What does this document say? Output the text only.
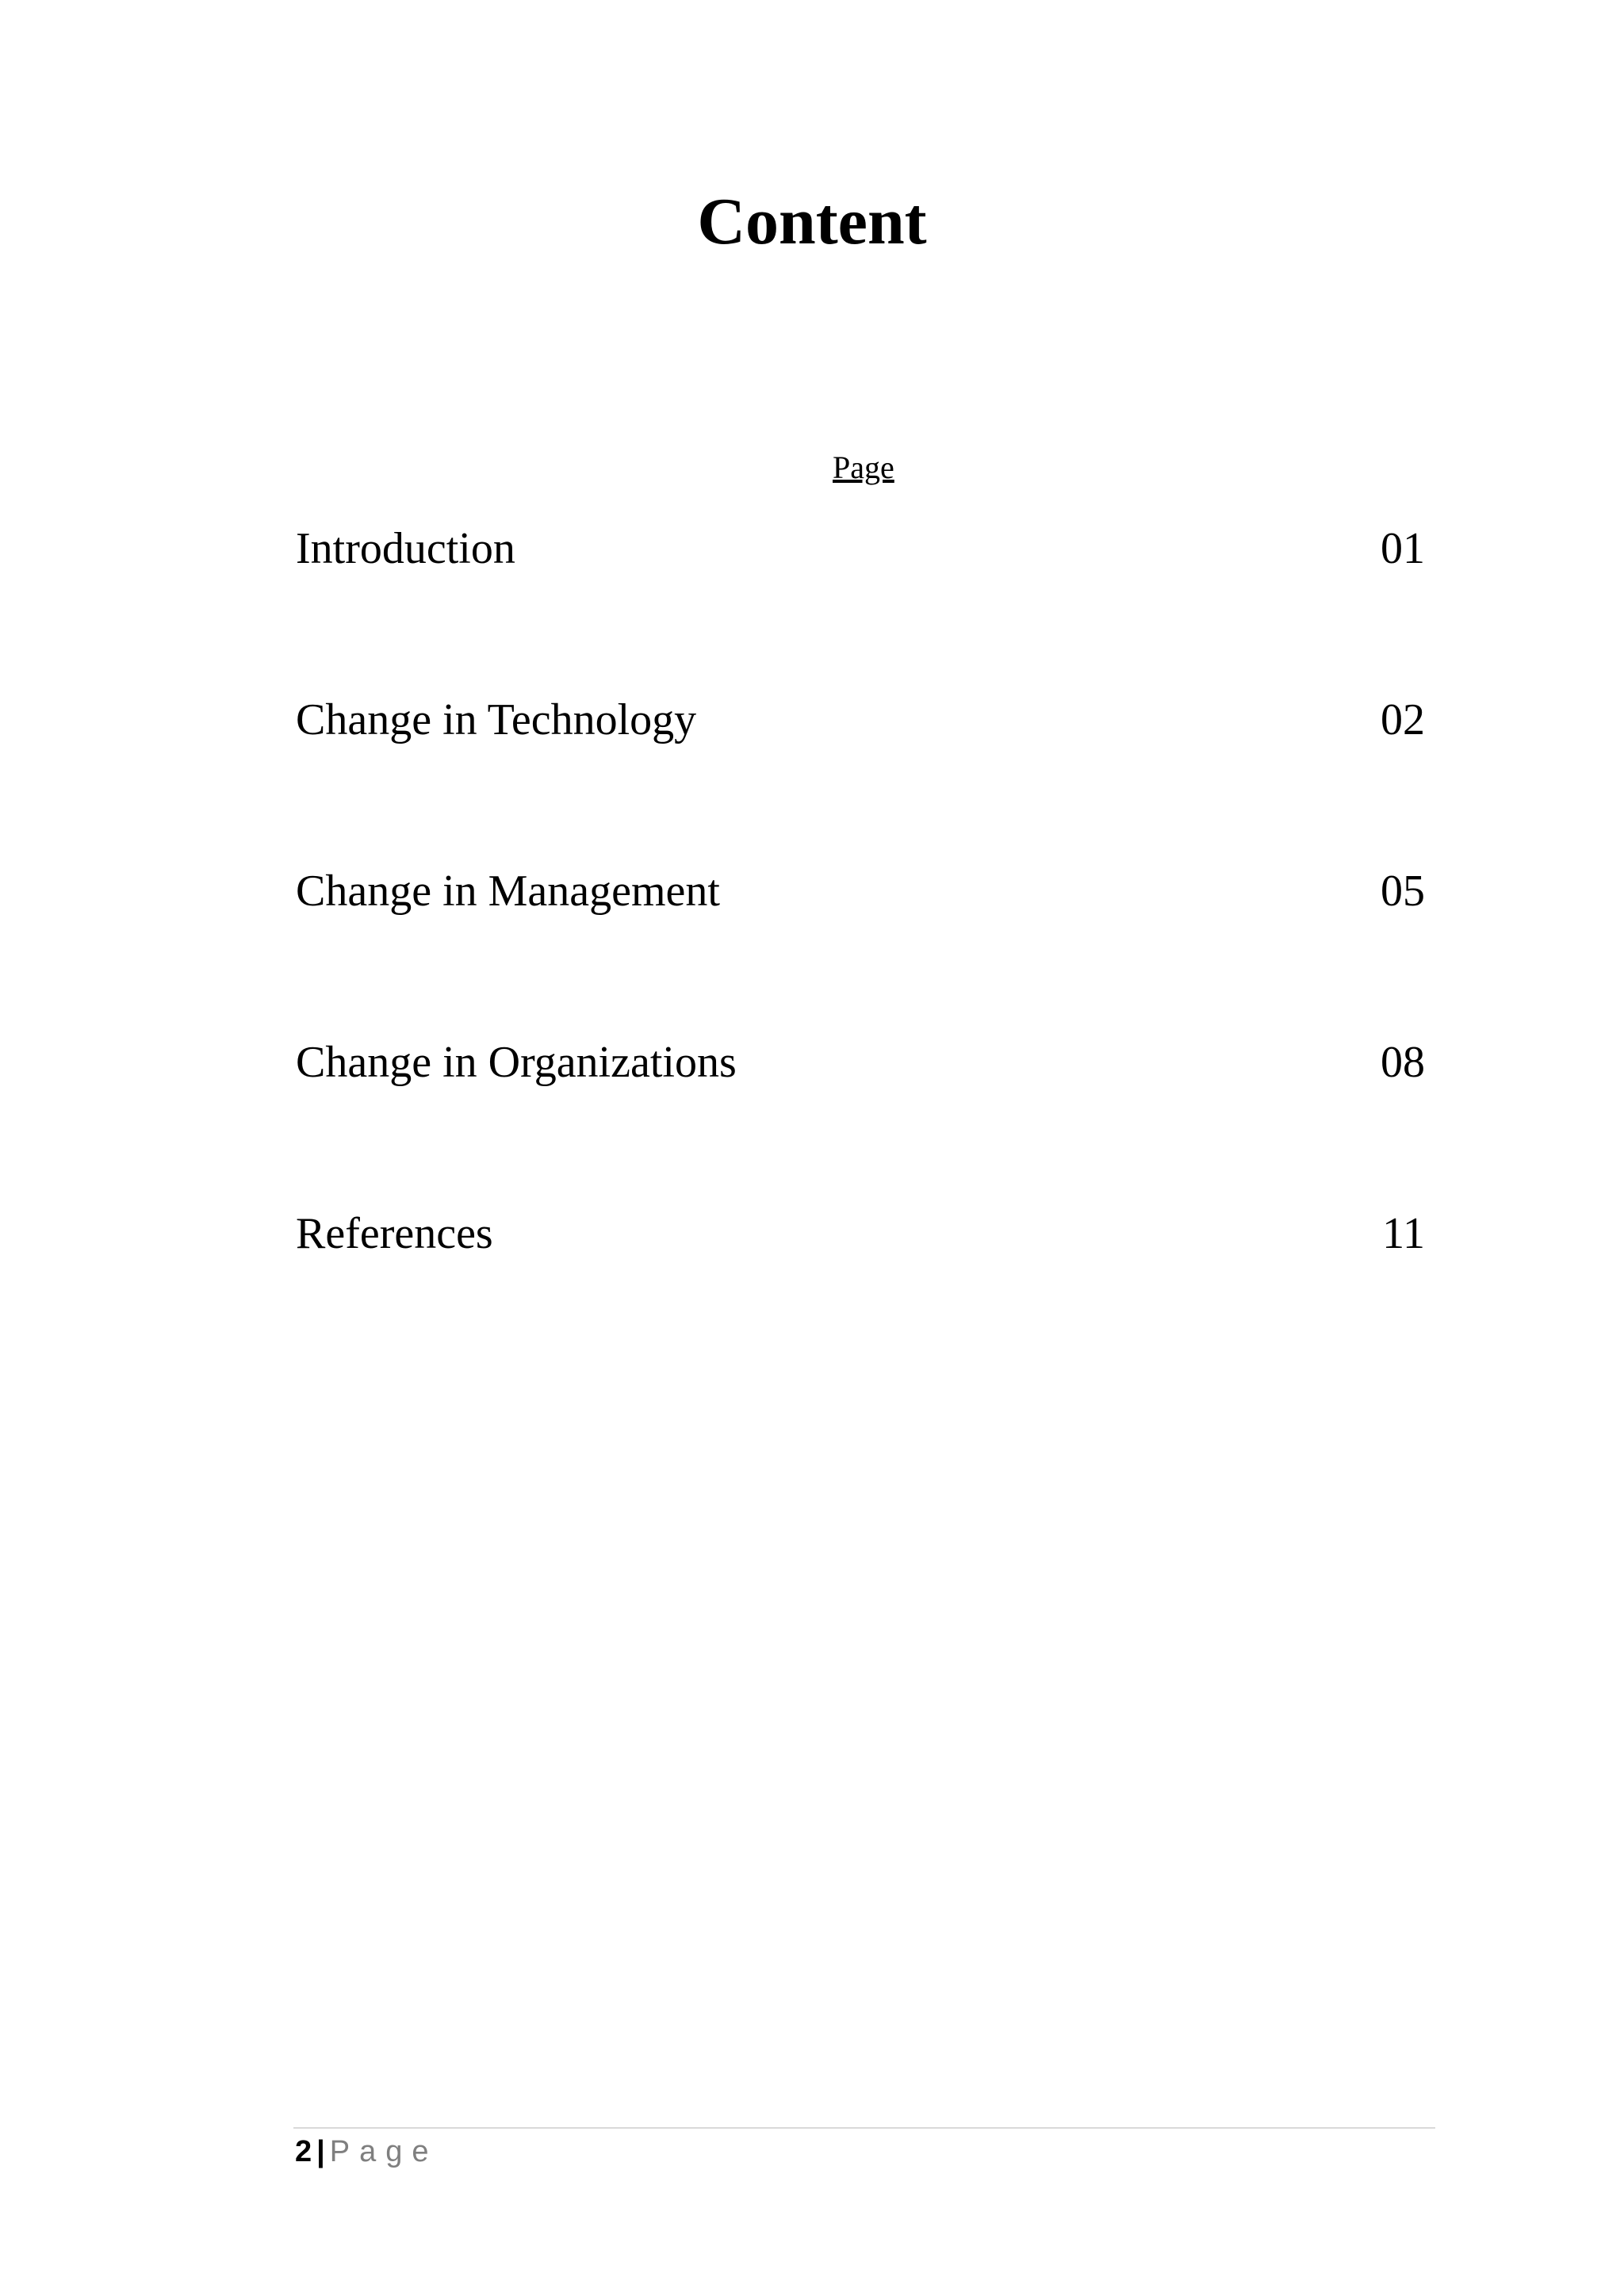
Content
Page
Introduction	01
Change in Technology	02
Change in Management	05
Change in Organizations	08
References	11
2 | Page
